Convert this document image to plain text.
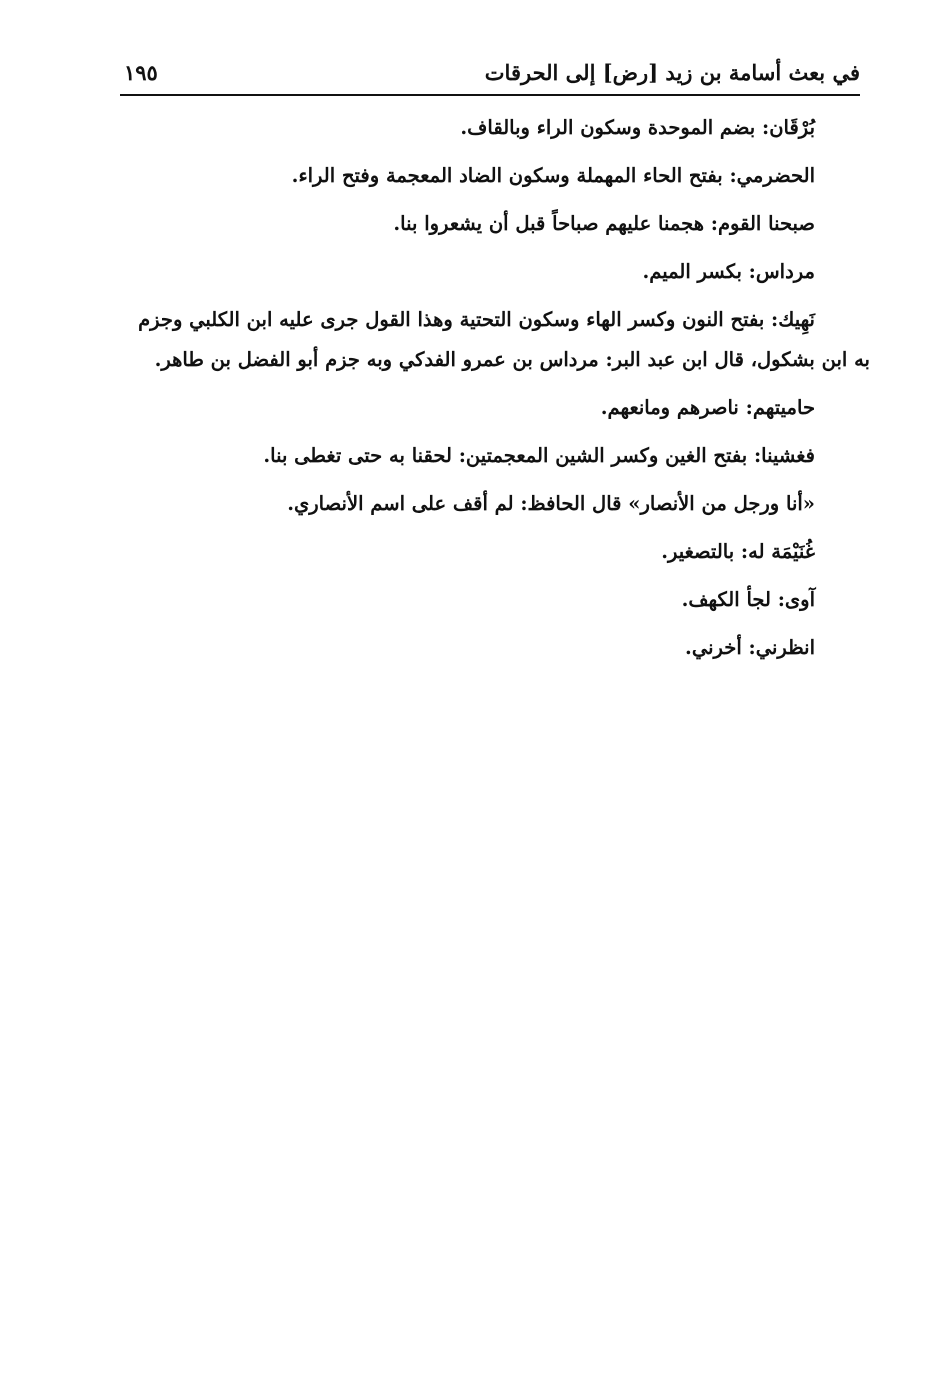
في بعث أسامة بن زيد [رض] إلى الحرقات
١٩٥
بُرْقَان: بضم الموحدة وسكون الراء وبالقاف.
الحضرمي: بفتح الحاء المهملة وسكون الضاد المعجمة وفتح الراء.
صبحنا القوم: هجمنا عليهم صباحاً قبل أن يشعروا بنا.
مرداس: بكسر الميم.
نَهِيك: بفتح النون وكسر الهاء وسكون التحتية وهذا القول جرى عليه ابن الكلبي وجزم
به ابن بشكول، قال ابن عبد البر: مرداس بن عمرو الفدكي وبه جزم أبو الفضل بن طاهر.
حاميتهم: ناصرهم ومانعهم.
فغشينا: بفتح الغين وكسر الشين المعجمتين: لحقنا به حتى تغطى بنا.
«أنا ورجل من الأنصار» قال الحافظ: لم أقف على اسم الأنصاري.
غُنَيْمَة له: بالتصغير.
آوى: لجأ الكهف.
انظرني: أخرني.
